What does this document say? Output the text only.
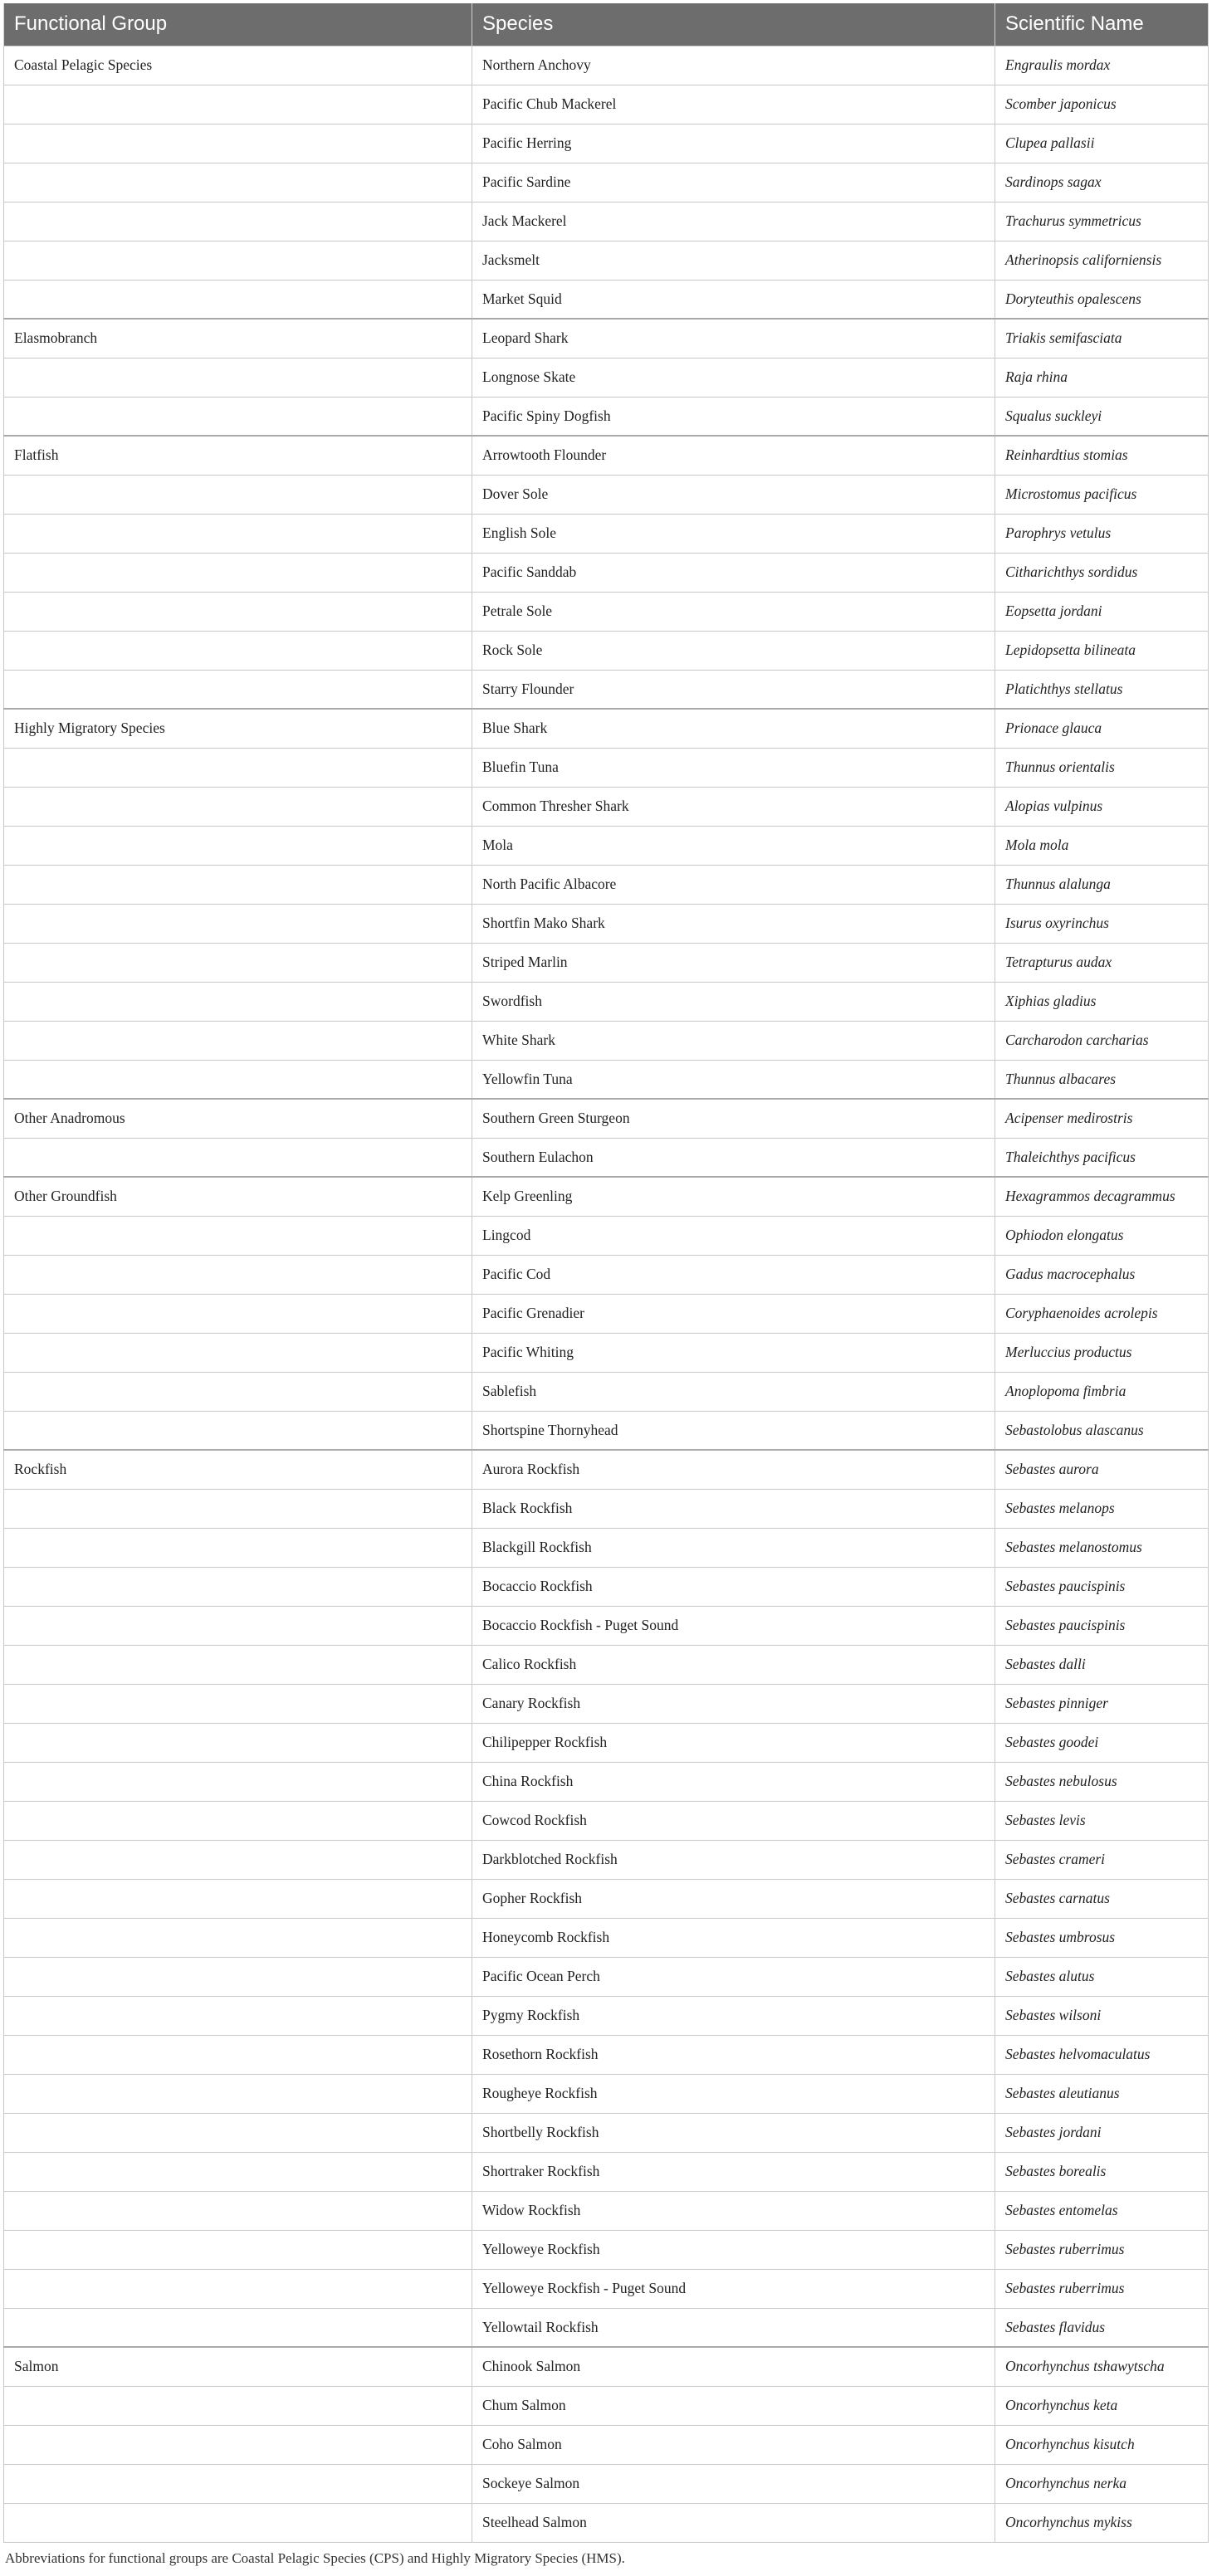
Functional Group	Species	Scientific Name
Coastal Pelagic Species	Northern Anchovy	Engraulis mordax
	Pacific Chub Mackerel	Scomber japonicus
	Pacific Herring	Clupea pallasii
	Pacific Sardine	Sardinops sagax
	Jack Mackerel	Trachurus symmetricus
	Jacksmelt	Atherinopsis californiensis
	Market Squid	Doryteuthis opalescens
Elasmobranch	Leopard Shark	Triakis semifasciata
	Longnose Skate	Raja rhina
	Pacific Spiny Dogfish	Squalus suckleyi
Flatfish	Arrowtooth Flounder	Reinhardtius stomias
	Dover Sole	Microstomus pacificus
	English Sole	Parophrys vetulus
	Pacific Sanddab	Citharichthys sordidus
	Petrale Sole	Eopsetta jordani
	Rock Sole	Lepidopsetta bilineata
	Starry Flounder	Platichthys stellatus
Highly Migratory Species	Blue Shark	Prionace glauca
	Bluefin Tuna	Thunnus orientalis
	Common Thresher Shark	Alopias vulpinus
	Mola	Mola mola
	North Pacific Albacore	Thunnus alalunga
	Shortfin Mako Shark	Isurus oxyrinchus
	Striped Marlin	Tetrapturus audax
	Swordfish	Xiphias gladius
	White Shark	Carcharodon carcharias
	Yellowfin Tuna	Thunnus albacares
Other Anadromous	Southern Green Sturgeon	Acipenser medirostris
	Southern Eulachon	Thaleichthys pacificus
Other Groundfish	Kelp Greenling	Hexagrammos decagrammus
	Lingcod	Ophiodon elongatus
	Pacific Cod	Gadus macrocephalus
	Pacific Grenadier	Coryphaenoides acrolepis
	Pacific Whiting	Merluccius productus
	Sablefish	Anoplopoma fimbria
	Shortspine Thornyhead	Sebastolobus alascanus
Rockfish	Aurora Rockfish	Sebastes aurora
	Black Rockfish	Sebastes melanops
	Blackgill Rockfish	Sebastes melanostomus
	Bocaccio Rockfish	Sebastes paucispinis
	Bocaccio Rockfish - Puget Sound	Sebastes paucispinis
	Calico Rockfish	Sebastes dalli
	Canary Rockfish	Sebastes pinniger
	Chilipepper Rockfish	Sebastes goodei
	China Rockfish	Sebastes nebulosus
	Cowcod Rockfish	Sebastes levis
	Darkblotched Rockfish	Sebastes crameri
	Gopher Rockfish	Sebastes carnatus
	Honeycomb Rockfish	Sebastes umbrosus
	Pacific Ocean Perch	Sebastes alutus
	Pygmy Rockfish	Sebastes wilsoni
	Rosethorn Rockfish	Sebastes helvomaculatus
	Rougheye Rockfish	Sebastes aleutianus
	Shortbelly Rockfish	Sebastes jordani
	Shortraker Rockfish	Sebastes borealis
	Widow Rockfish	Sebastes entomelas
	Yelloweye Rockfish	Sebastes ruberrimus
	Yelloweye Rockfish - Puget Sound	Sebastes ruberrimus
	Yellowtail Rockfish	Sebastes flavidus
Salmon	Chinook Salmon	Oncorhynchus tshawytscha
	Chum Salmon	Oncorhynchus keta
	Coho Salmon	Oncorhynchus kisutch
	Sockeye Salmon	Oncorhynchus nerka
	Steelhead Salmon	Oncorhynchus mykiss
Abbreviations for functional groups are Coastal Pelagic Species (CPS) and Highly Migratory Species (HMS).
